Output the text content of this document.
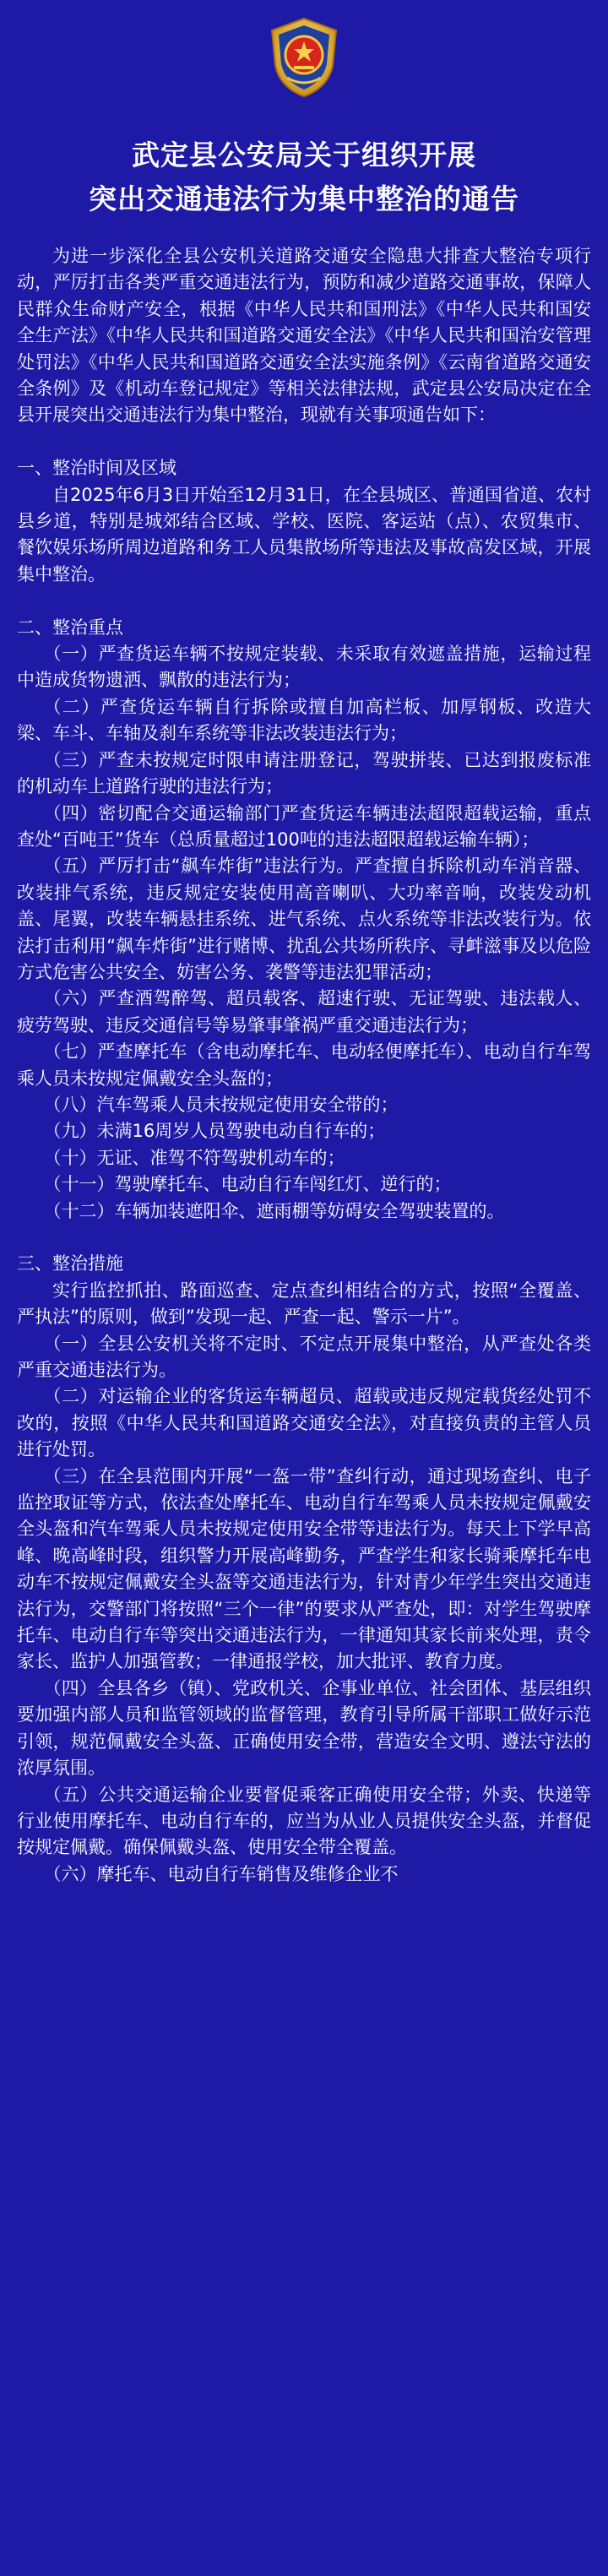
武定县公安局关于组织开展
突出交通违法行为集中整治的通告

为进一步深化全县公安机关道路交通安全隐患大排查大整治专项行动，严厉打击各类严重交通违法行为，预防和减少道路交通事故，保障人民群众生命财产安全，根据《中华人民共和国刑法》《中华人民共和国安全生产法》《中华人民共和国道路交通安全法》《中华人民共和国治安管理处罚法》《中华人民共和国道路交通安全法实施条例》《云南省道路交通安全条例》及《机动车登记规定》等相关法律法规，武定县公安局决定在全县开展突出交通违法行为集中整治，现就有关事项通告如下：

一、整治时间及区域

自2025年6月3日开始至12月31日，在全县城区、普通国省道、农村县乡道，特别是城郊结合区域、学校、医院、客运站（点）、农贸集市、餐饮娱乐场所周边道路和务工人员集散场所等违法及事故高发区域，开展集中整治。

二、整治重点

（一）严查货运车辆不按规定装载、未采取有效遮盖措施，运输过程中造成货物遗洒、飘散的违法行为；

（二）严查货运车辆自行拆除或擅自加高栏板、加厚钢板、改造大梁、车斗、车轴及刹车系统等非法改装违法行为；

（三）严查未按规定时限申请注册登记，驾驶拼装、已达到报废标准的机动车上道路行驶的违法行为；

（四）密切配合交通运输部门严查货运车辆违法超限超载运输，重点查处“百吨王”货车（总质量超过100吨的违法超限超载运输车辆）；

（五）严厉打击“飙车炸街”违法行为。严查擅自拆除机动车消音器、改装排气系统，违反规定安装使用高音喇叭、大功率音响，改装发动机盖、尾翼，改装车辆悬挂系统、进气系统、点火系统等非法改装行为。依法打击利用“飙车炸街”进行赌博、扰乱公共场所秩序、寻衅滋事及以危险方式危害公共安全、妨害公务、袭警等违法犯罪活动；

（六）严查酒驾醉驾、超员载客、超速行驶、无证驾驶、违法载人、疲劳驾驶、违反交通信号等易肇事肇祸严重交通违法行为；

（七）严查摩托车（含电动摩托车、电动轻便摩托车）、电动自行车驾乘人员未按规定佩戴安全头盔的；

（八）汽车驾乘人员未按规定使用安全带的；

（九）未满16周岁人员驾驶电动自行车的；

（十）无证、准驾不符驾驶机动车的；

（十一）驾驶摩托车、电动自行车闯红灯、逆行的；

（十二）车辆加装遮阳伞、遮雨棚等妨碍安全驾驶装置的。

三、整治措施

实行监控抓拍、路面巡查、定点查纠相结合的方式，按照“全覆盖、严执法”的原则，做到”发现一起、严查一起、警示一片”。

（一）全县公安机关将不定时、不定点开展集中整治，从严查处各类严重交通违法行为。

（二）对运输企业的客货运车辆超员、超载或违反规定载货经处罚不改的，按照《中华人民共和国道路交通安全法》，对直接负责的主管人员进行处罚。

（三）在全县范围内开展“一盔一带”查纠行动，通过现场查纠、电子监控取证等方式，依法查处摩托车、电动自行车驾乘人员未按规定佩戴安全头盔和汽车驾乘人员未按规定使用安全带等违法行为。每天上下学早高峰、晚高峰时段，组织警力开展高峰勤务，严查学生和家长骑乘摩托车电动车不按规定佩戴安全头盔等交通违法行为，针对青少年学生突出交通违法行为，交警部门将按照“三个一律”的要求从严查处，即：对学生驾驶摩托车、电动自行车等突出交通违法行为，一律通知其家长前来处理，责令家长、监护人加强管教；一律通报学校，加大批评、教育力度。

（四）全县各乡（镇）、党政机关、企事业单位、社会团体、基层组织要加强内部人员和监管领域的监督管理，教育引导所属干部职工做好示范引领，规范佩戴安全头盔、正确使用安全带，营造安全文明、遵法守法的浓厚氛围。

（五）公共交通运输企业要督促乘客正确使用安全带；外卖、快递等行业使用摩托车、电动自行车的，应当为从业人员提供安全头盔，并督促按规定佩戴。确保佩戴头盔、使用安全带全覆盖。

（六）摩托车、电动自行车销售及维修企业不
